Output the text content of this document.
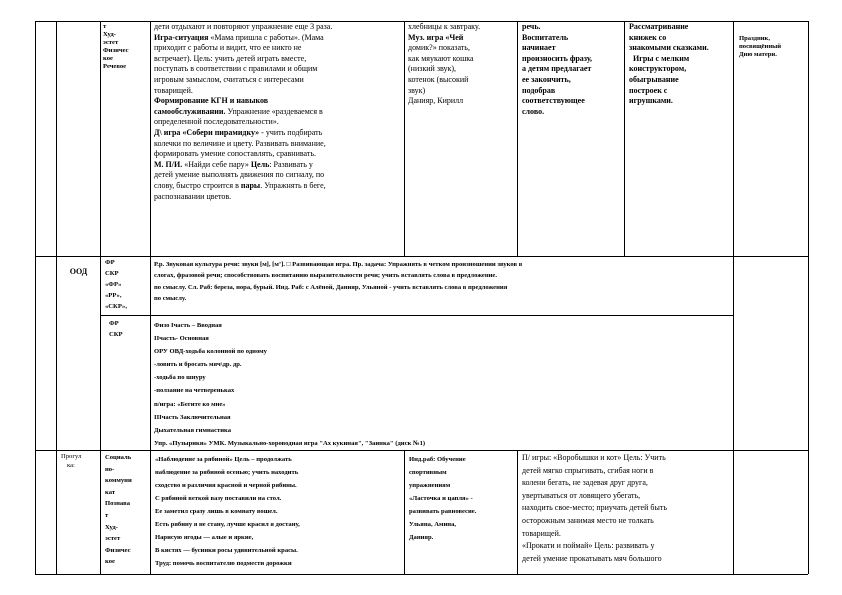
т
Худ-
эстет
Физичес
кое
Речевое
дети отдыхают и повторяют упражнение еще 3 раза.
Игра-ситуация «Мама пришла с работы». (Мама
приходит с работы и видит, что ее никто не
встречает). Цель: учить детей играть вместе,
поступать в соответствии с правилами и общим
игровым замыслом, считаться с интересами
товарищей.
Формирование КГН и навыков
самообслуживании. Упражнение «раздеваемся в
определенной последовательности».
Д\ игра «Собери пирамидку» - учить подбирать
колечки по величине и цвету. Развивать внимание,
формировать умение сопоставлять, сравнивать.
М. П/И. «Найди себе пару» Цель: Развивать у
детей умение выполнять движения по сигналу, по
слову, быстро строится в пары. Упражнять в беге,
распознавании цветов.
хлебницы к завтраку.
Муз. игра «Чей
домик?» показать,
как мяукают кошка
(низкий звук),
котенок (высокий
звук)
Данияр, Кирилл
речь.
Воспитатель
начинает
произносить фразу,
а детям предлагает
ее закончить,
подобрав
соответствующее
слово.
Рассматривание
книжек со
знакомыми сказками.
Игры с мелким
конструктором,
обыгрывание
построек с
игрушками.
Праздник,
посвящённый
Дню матери.
ООД
ФР
СКР
«ФР»
«РР»,
«СКР»,
Р.р. Звуковая культура речи: звуки [м], [м’]. □ Развивающая игра. Пр. задача: Упражнять в четком произношении звуков в
слогах, фразовой речи; способствовать воспитанию выразительности речи; учить вставлять слова в предложение.
по смыслу. Сл. Раб: береза, нора, бурый. Инд. Раб: с Алёной, Данияр, Ульяной - учить вставлять слова в предложения
по смыслу.
ФР
СКР
Физо Iчасть – Вводная
IIчасть- Основная
ОРУ ОВД-ходьба колонной по одному
-ловить и бросать мяч\др. др.
-ходьба по шнуру
-ползание на четвереньках
п/игра: «Бегите ко мне»
IIIчасть Заключительная
Дыхательная гимнастика
Упр. «Пузырики» УМК. Музыкально-хороводная игра "Ах кукиная", "Заинка" (диск №1)
Прогул
ка:
Социаль
но-
коммуни
кат
Познава
т
Худ-
эстет
Физичес
кое
«Наблюдение за рябиной» Цель – продолжать
наблюдение за рябиной осенью; учить находить
сходство и различия красной и черной рябины.
С рябиной веткой вазу поставили на стол.
Ее заметил сразу лишь в комнату вошел.
Есть рябину я не стану, лучше красил я достану,
Нарисую ягоды — алые и яркие,
В кистях — бусинки росы удивительной красы.
Труд: помочь воспитателю подмести дорожки
Инд.раб: Обучение
спортивным
упражнениям
«Ласточка и цапля» -
развивать равновесие.
Ульяна, Амина,
Данияр.
П/ игры: «Воробышки и кот» Цель: Учить
детей мягко спрыгивать, сгибая ноги в
колени бегать, не задевая друг друга,
увертываться от ловящего убегать,
находить свое-место; приучать детей быть
осторожным занимая место не толкать
товарищей.
«Прокати и поймай» Цель: развивать у
детей умение прокатывать мяч большого
